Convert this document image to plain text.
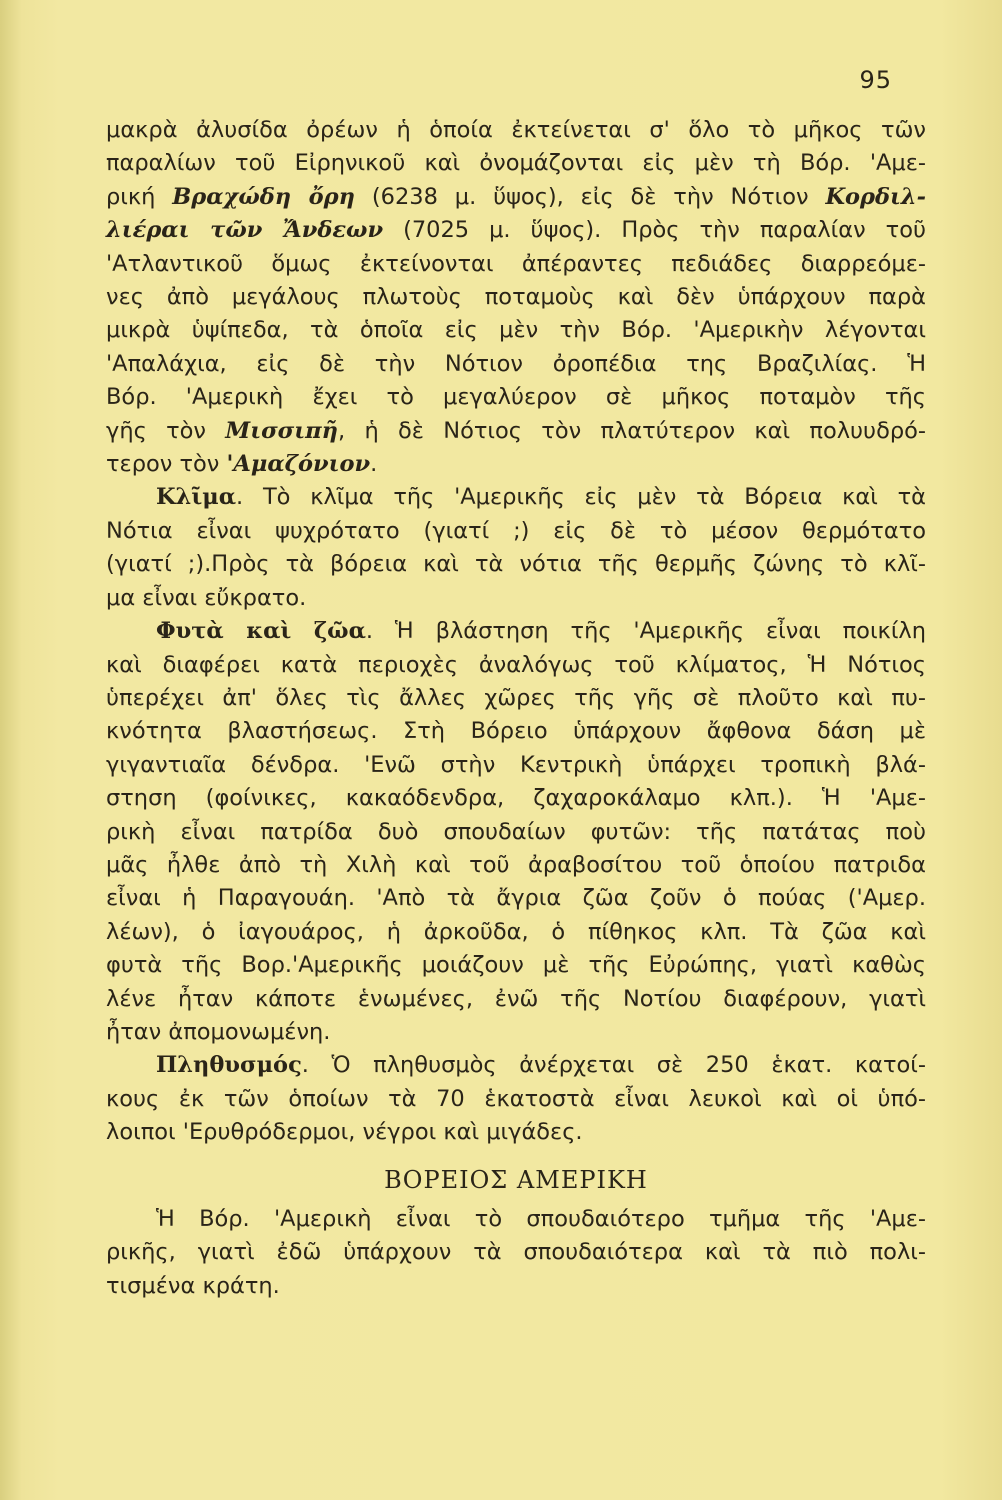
95
μακρὰ ἀλυσίδα ὀρέων ἡ ὁποία ἐκτείνεται σ' ὅλο τὸ μῆκος τῶν
παραλίων τοῦ Εἰρηνικοῦ καὶ ὀνομάζονται εἰς μὲν τὴ Βόρ. 'Αμε-
ρική Βραχώδη ὄρη (6238 μ. ὕψος), εἰς δὲ τὴν Νότιον Κορδιλ-
λιέραι τῶν Ἄνδεων (7025 μ. ὕψος). Πρὸς τὴν παραλίαν τοῦ
'Ατλαντικοῦ ὅμως ἐκτείνονται ἀπέραντες πεδιάδες διαρρεόμε-
νες ἀπὸ μεγάλους πλωτοὺς ποταμοὺς καὶ δὲν ὑπάρχουν παρὰ
μικρὰ ὑψίπεδα, τὰ ὁποῖα εἰς μὲν τὴν Βόρ. 'Αμερικὴν λέγονται
'Απαλάχια, εἰς δὲ τὴν Νότιον ὀροπέδια της Βραζιλίας. Ἡ
Βόρ. 'Αμερικὴ ἔχει τὸ μεγαλύερον σὲ μῆκος ποταμὸν τῆς
γῆς τὸν Μισσιπῆ, ἡ δὲ Νότιος τὸν πλατύτερον καὶ πολυυδρό-
τερον τὸν 'Αμαζόνιον.
Κλῖμα. Τὸ κλῖμα τῆς 'Αμερικῆς εἰς μὲν τὰ Βόρεια καὶ τὰ
Νότια εἶναι ψυχρότατο (γιατί ;) εἰς δὲ τὸ μέσον θερμότατο
(γιατί ;).Πρὸς τὰ βόρεια καὶ τὰ νότια τῆς θερμῆς ζώνης τὸ κλῖ-
μα εἶναι εὔκρατο.
Φυτὰ καὶ ζῶα. Ἡ βλάστηση τῆς 'Αμερικῆς εἶναι ποικίλη
καὶ διαφέρει κατὰ περιοχὲς ἀναλόγως τοῦ κλίματος, Ἡ Νότιος
ὑπερέχει ἀπ' ὅλες τὶς ἄλλες χῶρες τῆς γῆς σὲ πλοῦτο καὶ πυ-
κνότητα βλαστήσεως. Στὴ Βόρειο ὑπάρχουν ἄφθονα δάση μὲ
γιγαντιαῖα δένδρα. 'Ενῶ στὴν Κεντρικὴ ὑπάρχει τροπικὴ βλά-
στηση (φοίνικες, κακαόδενδρα, ζαχαροκάλαμο κλπ.). Ἡ 'Αμε-
ρικὴ εἶναι πατρίδα δυὸ σπουδαίων φυτῶν: τῆς πατάτας ποὺ
μᾶς ἦλθε ἀπὸ τὴ Χιλὴ καὶ τοῦ ἀραβοσίτου τοῦ ὁποίου πατριδα
εἶναι ἡ Παραγουάη. 'Απὸ τὰ ἄγρια ζῶα ζοῦν ὁ πούας ('Αμερ.
λέων), ὁ ἰαγουάρος, ἡ ἀρκοῦδα, ὁ πίθηκος κλπ. Τὰ ζῶα καὶ
φυτὰ τῆς Βορ.'Αμερικῆς μοιάζουν μὲ τῆς Εὐρώπης, γιατὶ καθὼς
λένε ἦταν κάποτε ἑνωμένες, ἐνῶ τῆς Νοτίου διαφέρουν, γιατὶ
ἦταν ἀπομονωμένη.
Πληθυσμός. Ὁ πληθυσμὸς ἀνέρχεται σὲ 250 ἑκατ. κατοί-
κους ἐκ τῶν ὁποίων τὰ 70 ἑκατοστὰ εἶναι λευκοὶ καὶ οἱ ὑπό-
λοιποι 'Ερυθρόδερμοι, νέγροι καὶ μιγάδες.
ΒΟΡΕΙΟΣ ΑΜΕΡΙΚΗ
Ἡ Βόρ. 'Αμερικὴ εἶναι τὸ σπουδαιότερο τμῆμα τῆς 'Αμε-
ρικῆς, γιατὶ ἐδῶ ὑπάρχουν τὰ σπουδαιότερα καὶ τὰ πιὸ πολι-
τισμένα κράτη.
